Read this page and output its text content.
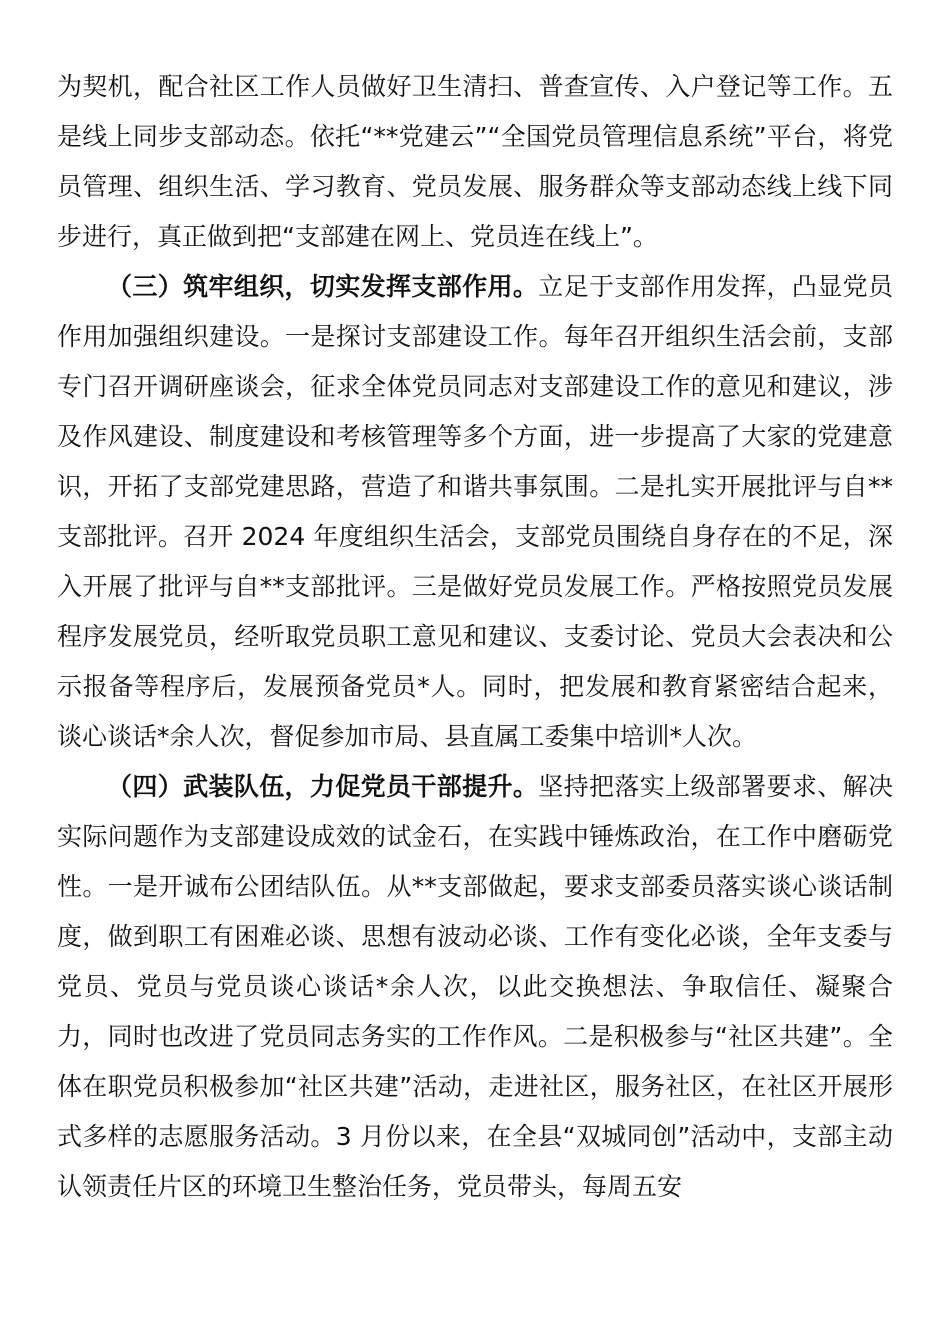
为契机，配合社区工作人员做好卫生清扫、普查宣传、入户登记等工作。五是线上同步支部动态。依托“**党建云”“全国党员管理信息系统”平台，将党员管理、组织生活、学习教育、党员发展、服务群众等支部动态线上线下同步进行，真正做到把“支部建在网上、党员连在线上”。

（三）筑牢组织，切实发挥支部作用。立足于支部作用发挥，凸显党员作用加强组织建设。一是探讨支部建设工作。每年召开组织生活会前，支部专门召开调研座谈会，征求全体党员同志对支部建设工作的意见和建议，涉及作风建设、制度建设和考核管理等多个方面，进一步提高了大家的党建意识，开拓了支部党建思路，营造了和谐共事氛围。二是扎实开展批评与自**支部批评。召开 2024 年度组织生活会，支部党员围绕自身存在的不足，深入开展了批评与自**支部批评。三是做好党员发展工作。严格按照党员发展程序发展党员，经听取党员职工意见和建议、支委讨论、党员大会表决和公示报备等程序后，发展预备党员*人。同时，把发展和教育紧密结合起来，谈心谈话*余人次，督促参加市局、县直属工委集中培训*人次。

（四）武装队伍，力促党员干部提升。坚持把落实上级部署要求、解决实际问题作为支部建设成效的试金石，在实践中锤炼政治，在工作中磨砺党性。一是开诚布公团结队伍。从**支部做起，要求支部委员落实谈心谈话制度，做到职工有困难必谈、思想有波动必谈、工作有变化必谈，全年支委与党员、党员与党员谈心谈话*余人次，以此交换想法、争取信任、凝聚合力，同时也改进了党员同志务实的工作作风。二是积极参与“社区共建”。全体在职党员积极参加“社区共建”活动，走进社区，服务社区，在社区开展形式多样的志愿服务活动。3 月份以来，在全县“双城同创”活动中，支部主动认领责任片区的环境卫生整治任务，党员带头，每周五安
